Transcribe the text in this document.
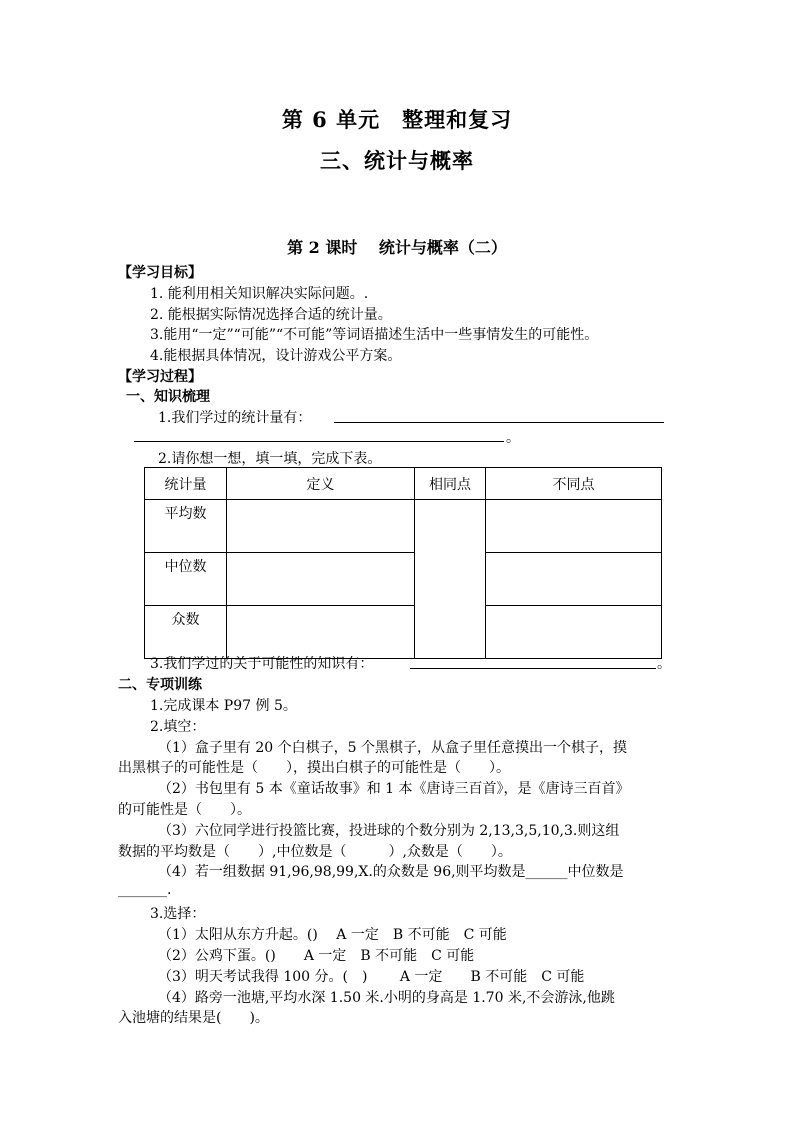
第 6 单元　整理和复习
三、统计与概率
第 2 课时　 统计与概率（二）
【学习目标】
1. 能利用相关知识解决实际问题。.
2. 能根据实际情况选择合适的统计量。
3.能用“一定”“可能”“不可能”等词语描述生活中一些事情发生的可能性。
4.能根据具体情况，设计游戏公平方案。
【学习过程】
一、知识梳理
1.我们学过的统计量有：
。
2.请你想一想，填一填，完成下表。
统计量	定义	相同点	不同点
平均数			
中位数			
众数			
3.我们学过的关于可能性的知识有：	。
二、专项训练
1.完成课本 P97 例 5。
2.填空：
（1）盒子里有 20 个白棋子，5 个黑棋子，从盒子里任意摸出一个棋子，摸
出黑棋子的可能性是（　　），摸出白棋子的可能性是（　　）。
（2）书包里有 5 本《童话故事》和 1 本《唐诗三百首》，是《唐诗三百首》
的可能性是（　　）。
（3）六位同学进行投篮比赛，投进球的个数分别为 2,13,3,5,10,3.则这组
数据的平均数是（　　）,中位数是（　　　）,众数是（　　）。
（4）若一组数据 91,96,98,99,X.的众数是 96,则平均数是______中位数是
_______.
3.选择：
（1）太阳从东方升起。()　 A 一定　B 不可能　C 可能
（2）公鸡下蛋。()　　A 一定　B 不可能　C 可能
（3）明天考试我得 100 分。(　)　　 A 一定　　B 不可能　C 可能
（4）路旁一池塘,平均水深 1.50 米.小明的身高是 1.70 米,不会游泳,他跳
入池塘的结果是(　　)。
